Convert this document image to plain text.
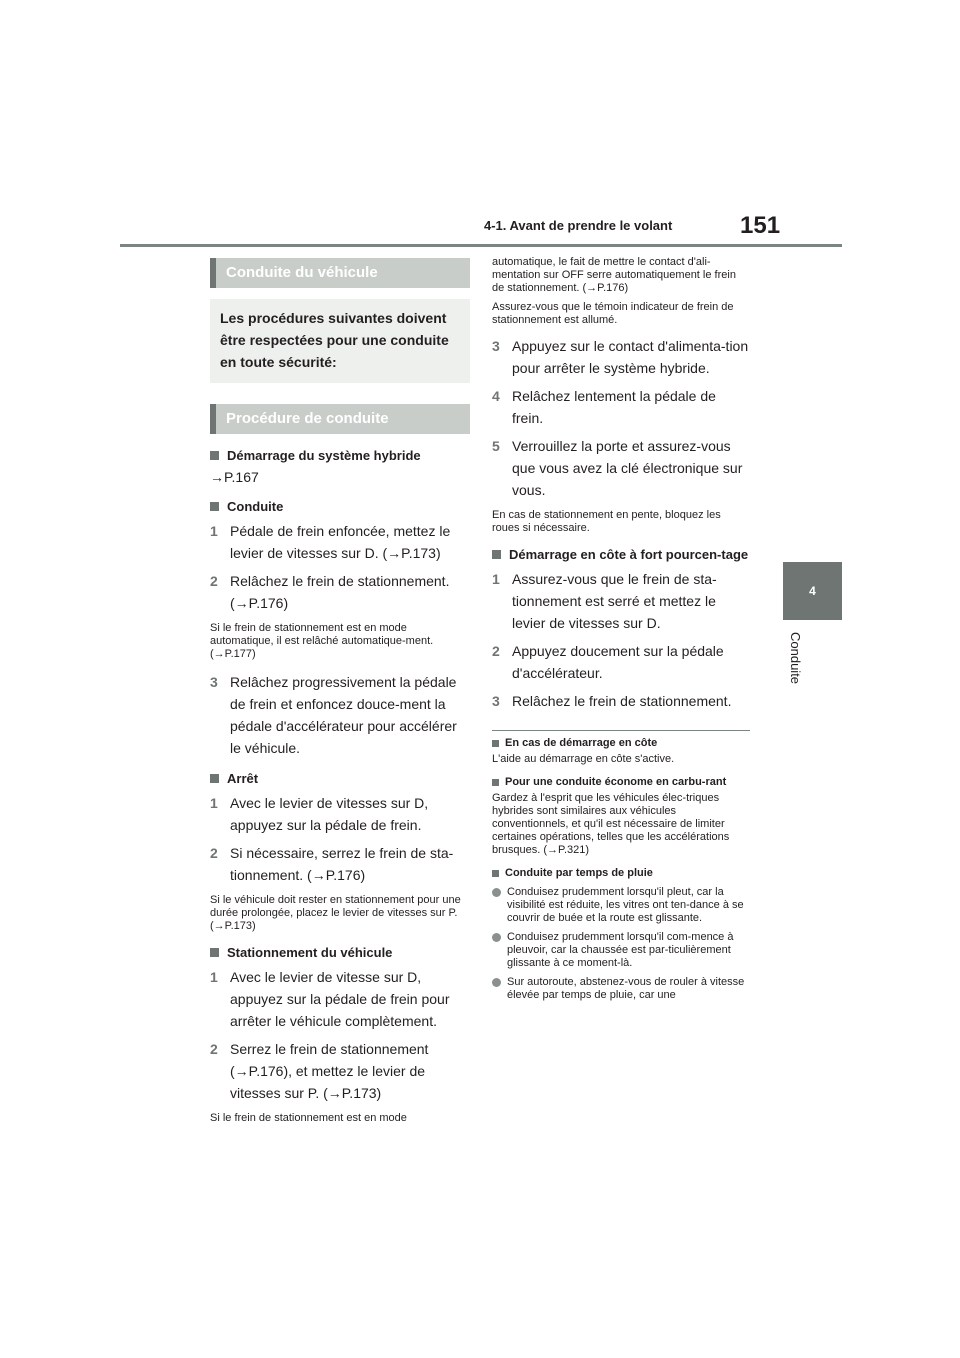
4-1. Avant de prendre le volant	151
4
Conduite
Conduite du véhicule
Les procédures suivantes doivent être respectées pour une conduite en toute sécurité:
Procédure de conduite
Démarrage du système hybride
→P.167
Conduite
1 Pédale de frein enfoncée, mettez le levier de vitesses sur D. (→P.173)
2 Relâchez le frein de stationnement. (→P.176)

Si le frein de stationnement est en mode automatique, il est relâché automatique-ment. (→P.177)

3 Relâchez progressivement la pédale de frein et enfoncez douce-ment la pédale d'accélérateur pour accélérer le véhicule.
Arrêt
1 Avec le levier de vitesses sur D, appuyez sur la pédale de frein.
2 Si nécessaire, serrez le frein de sta-tionnement. (→P.176)

Si le véhicule doit rester en stationnement pour une durée prolongée, placez le levier de vitesses sur P. (→P.173)

Stationnement du véhicule
1 Avec le levier de vitesse sur D, appuyez sur la pédale de frein pour arrêter le véhicule complètement.
2 Serrez le frein de stationnement (→P.176), et mettez le levier de vitesses sur P. (→P.173)

Si le frein de stationnement est en mode

automatique, le fait de mettre le contact d'ali-mentation sur OFF serre automatiquement le frein de stationnement. (→P.176)

Assurez-vous que le témoin indicateur de frein de stationnement est allumé.

3 Appuyez sur le contact d'alimenta-tion pour arrêter le système hybride.
4 Relâchez lentement la pédale de frein.
5 Verrouillez la porte et assurez-vous que vous avez la clé électronique sur vous.

En cas de stationnement en pente, bloquez les roues si nécessaire.

Démarrage en côte à fort pourcen-tage
1 Assurez-vous que le frein de sta-tionnement est serré et mettez le levier de vitesses sur D.
2 Appuyez doucement sur la pédale d'accélérateur.
3 Relâchez le frein de stationnement.
En cas de démarrage en côte

L'aide au démarrage en côte s'active.

Pour une conduite économe en carbu-rant

Gardez à l'esprit que les véhicules élec-triques hybrides sont similaires aux véhicules conventionnels, et qu'il est nécessaire de limiter certaines opérations, telles que les accélérations brusques. (→P.321)

Conduite par temps de pluie
Conduisez prudemment lorsqu'il pleut, car la visibilité est réduite, les vitres ont ten-dance à se couvrir de buée et la route est glissante.
Conduisez prudemment lorsqu'il com-mence à pleuvoir, car la chaussée est par-ticulièrement glissante à ce moment-là.
Sur autoroute, abstenez-vous de rouler à vitesse élevée par temps de pluie, car une
